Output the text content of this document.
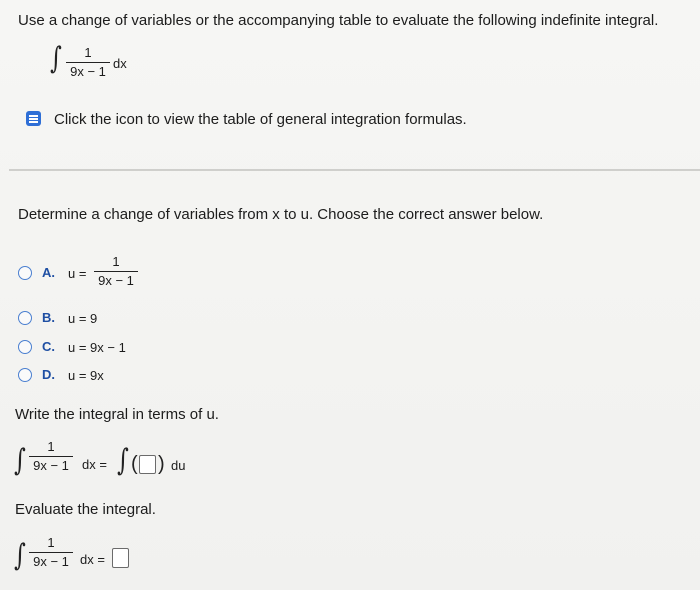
Use a change of variables or the accompanying table to evaluate the following indefinite integral.
∫ 1
9x − 1
dx
Click the icon to view the table of general integration formulas.
Determine a change of variables from x to u. Choose the correct answer below.
A. u =
1
9x − 1
B. u = 9
C. u = 9x − 1
D. u = 9x
Write the integral in terms of u.
∫ 1
9x − 1 dx = ∫ ( ) du
Evaluate the integral.
∫ 1
9x − 1 dx =
